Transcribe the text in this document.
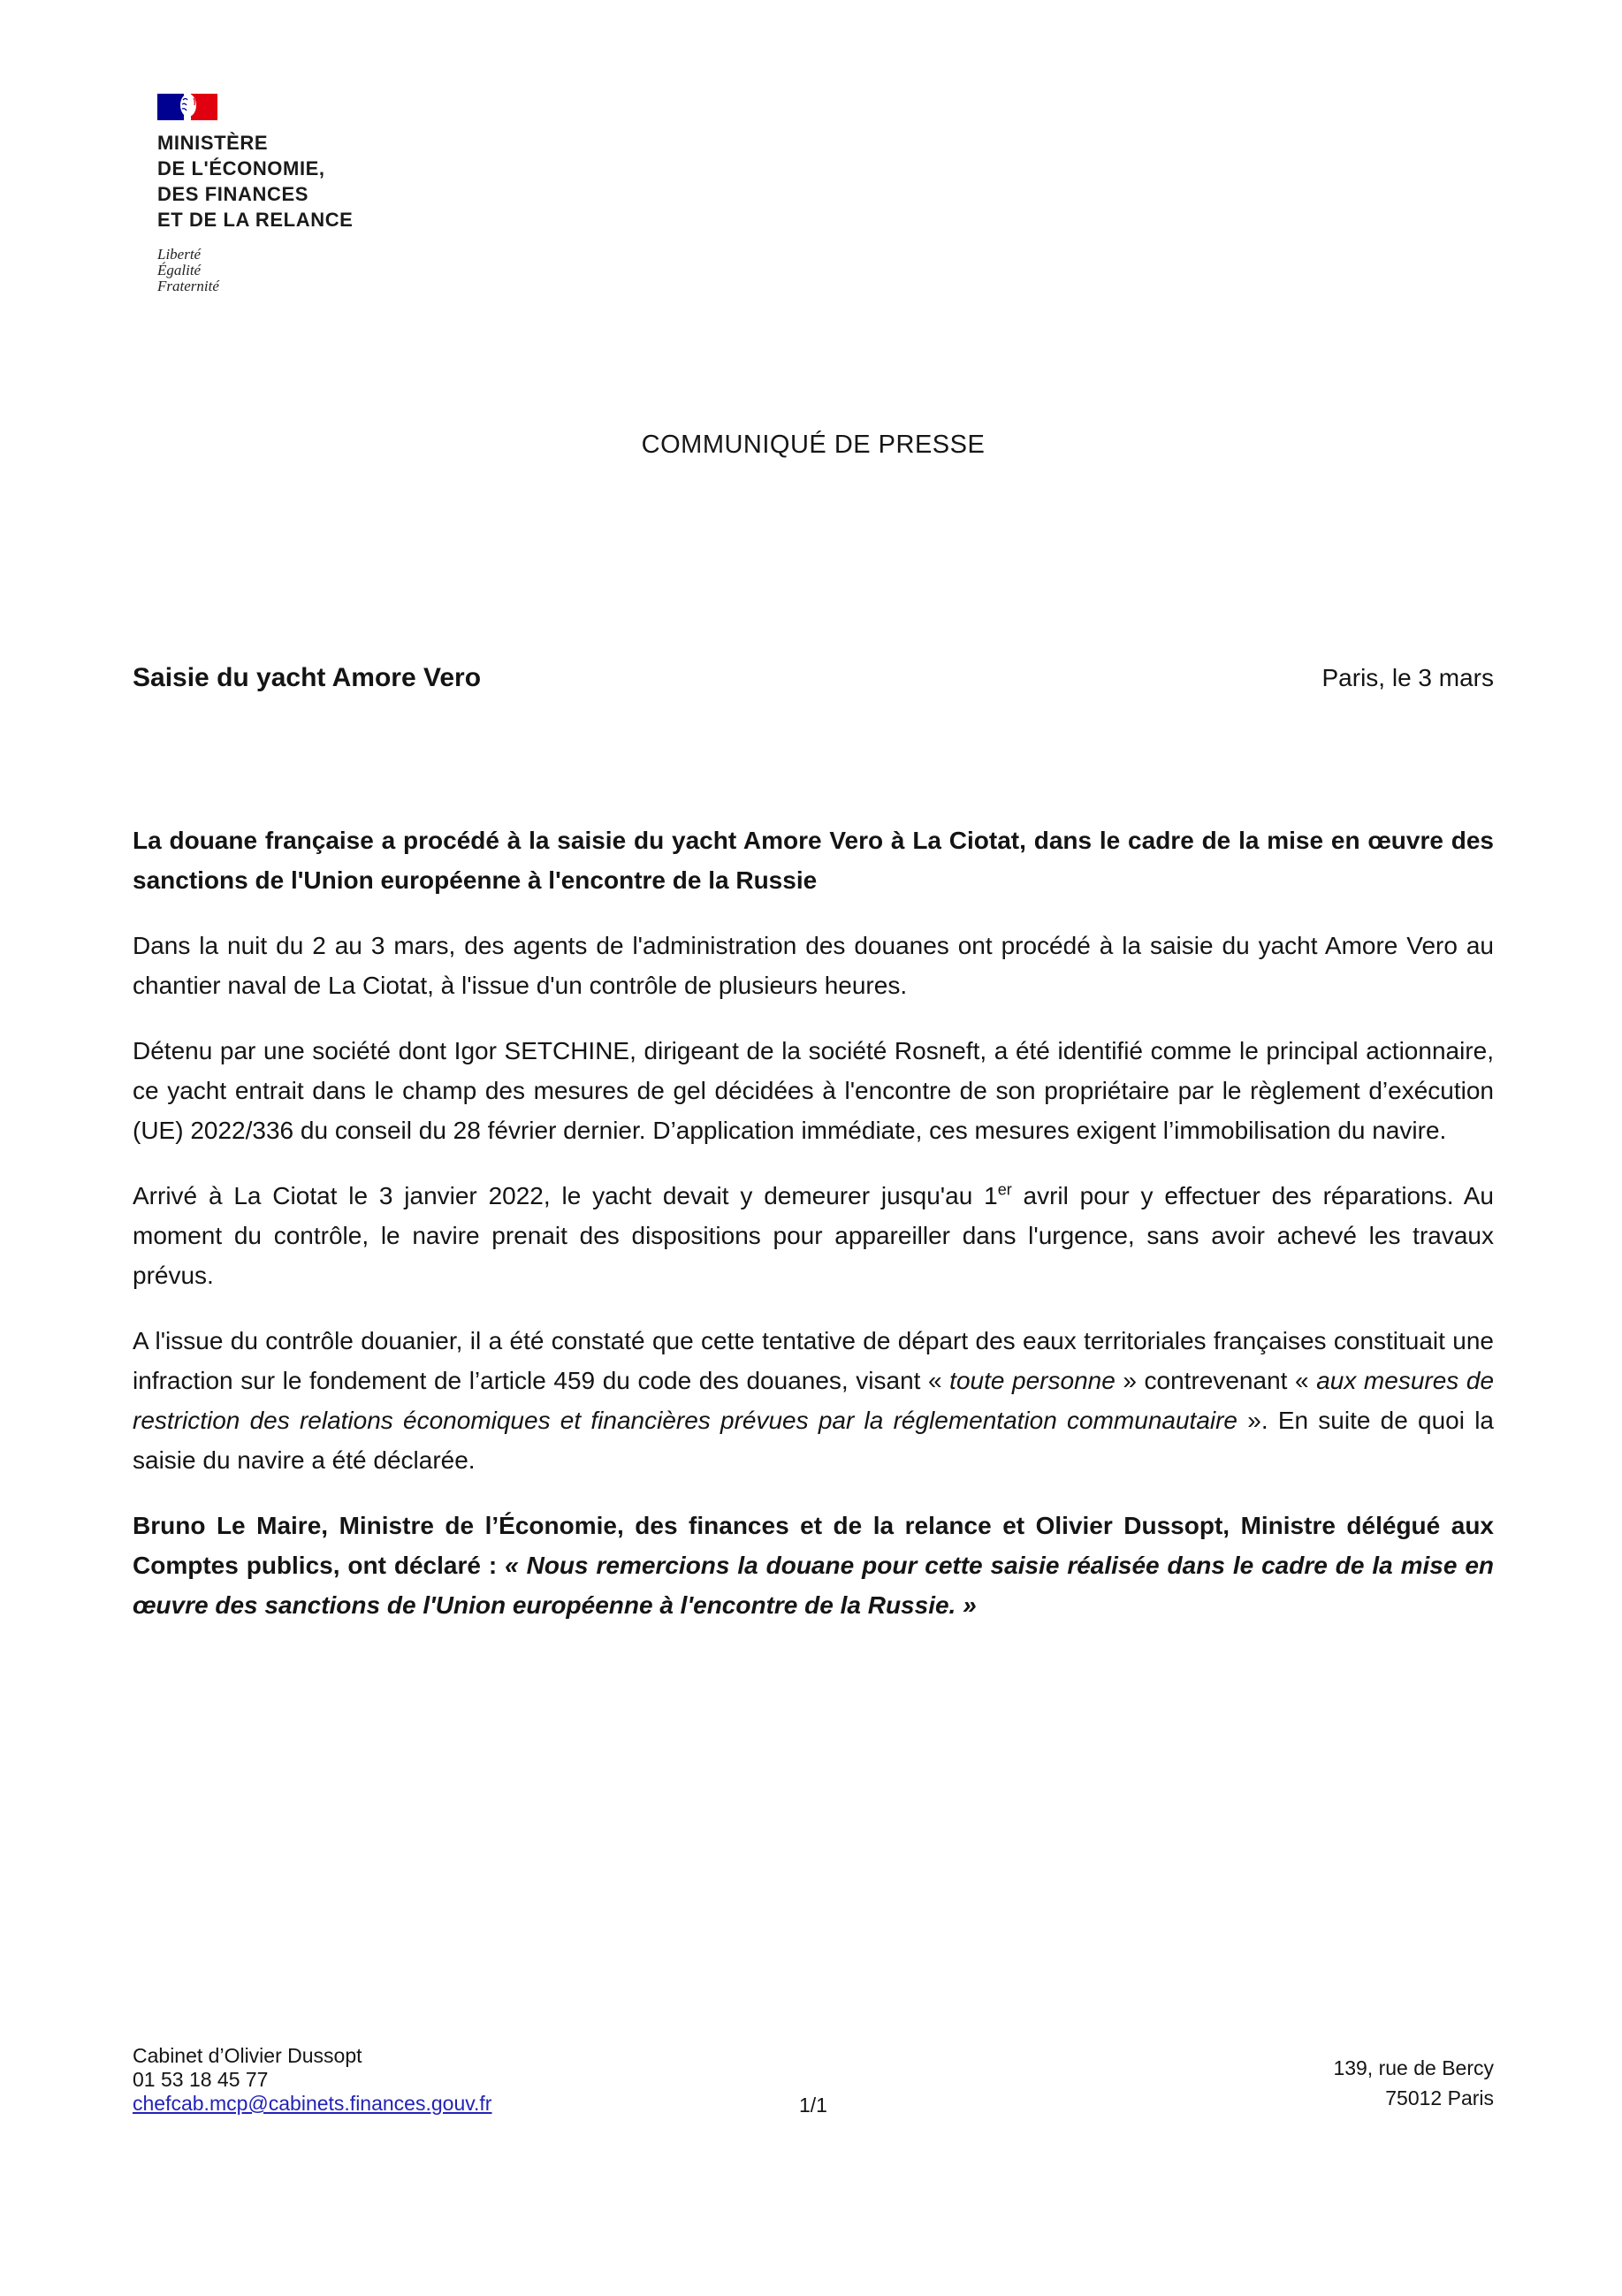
MINISTÈRE
DE L'ÉCONOMIE,
DES FINANCES
ET DE LA RELANCE
Liberté
Égalité
Fraternité
COMMUNIQUÉ DE PRESSE
Saisie du yacht Amore Vero	Paris, le 3 mars

La douane française a procédé à la saisie du yacht Amore Vero à La Ciotat, dans le cadre de la mise en œuvre des sanctions de l'Union européenne à l'encontre de la Russie

Dans la nuit du 2 au 3 mars, des agents de l'administration des douanes ont procédé à la saisie du yacht Amore Vero au chantier naval de La Ciotat, à l'issue d'un contrôle de plusieurs heures.

Détenu par une société dont Igor SETCHINE, dirigeant de la société Rosneft, a été identifié comme le principal actionnaire, ce yacht entrait dans le champ des mesures de gel décidées à l'encontre de son propriétaire par le règlement d’exécution (UE) 2022/336 du conseil du 28 février dernier. D’application immédiate, ces mesures exigent l’immobilisation du navire.

Arrivé à La Ciotat le 3 janvier 2022, le yacht devait y demeurer jusqu'au 1er avril pour y effectuer des réparations. Au moment du contrôle, le navire prenait des dispositions pour appareiller dans l'urgence, sans avoir achevé les travaux prévus.

A l'issue du contrôle douanier, il a été constaté que cette tentative de départ des eaux territoriales françaises constituait une infraction sur le fondement de l’article 459 du code des douanes, visant « toute personne » contrevenant « aux mesures de restriction des relations économiques et financières prévues par la réglementation communautaire ». En suite de quoi la saisie du navire a été déclarée.

Bruno Le Maire, Ministre de l’Économie, des finances et de la relance et Olivier Dussopt, Ministre délégué aux Comptes publics, ont déclaré : « Nous remercions la douane pour cette saisie réalisée dans le cadre de la mise en œuvre des sanctions de l'Union européenne à l'encontre de la Russie. »

Cabinet d’Olivier Dussopt
01 53 18 45 77
chefcab.mcp@cabinets.finances.gouv.fr	1/1
139, rue de Bercy
75012 Paris
